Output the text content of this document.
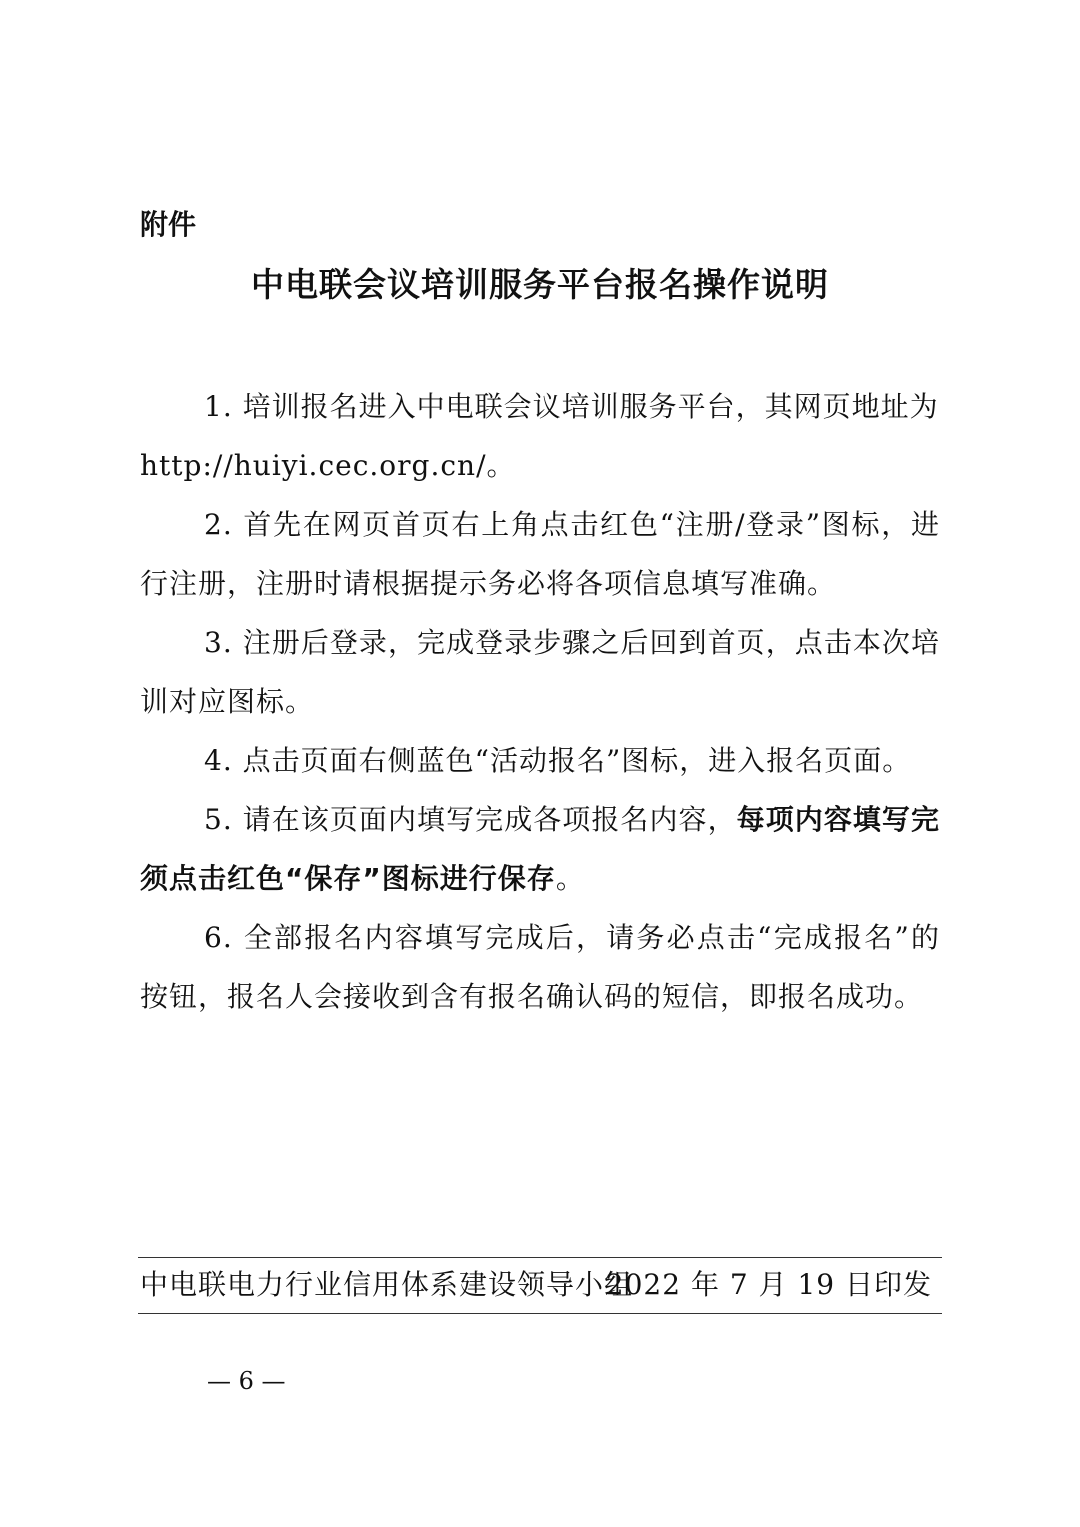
附件
中电联会议培训服务平台报名操作说明

1. 培训报名进入中电联会议培训服务平台，其网页地址为

http://huiyi.cec.org.cn/。

2. 首先在网页首页右上角点击红色“注册/登录”图标，进行注册，注册时请根据提示务必将各项信息填写准确。

3. 注册后登录，完成登录步骤之后回到首页，点击本次培训对应图标。

4. 点击页面右侧蓝色“活动报名”图标，进入报名页面。

5. 请在该页面内填写完成各项报名内容，每项内容填写完须点击红色“保存”图标进行保存。

6. 全部报名内容填写完成后，请务必点击“完成报名”的按钮，报名人会接收到含有报名确认码的短信，即报名成功。

中电联电力行业信用体系建设领导小组
2022 年 7 月 19 日印发
— 6 —
